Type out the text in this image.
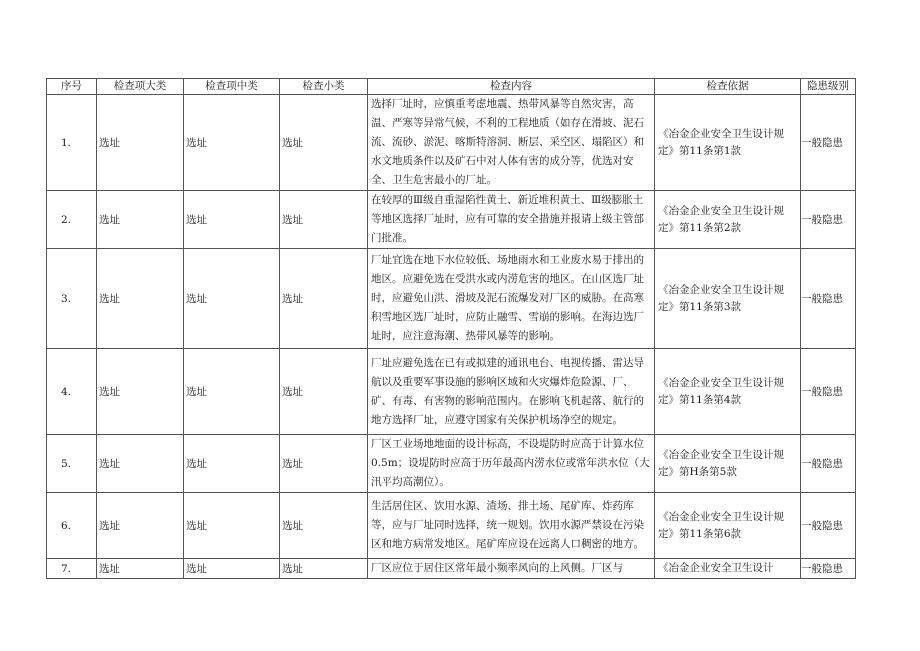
序号	检查项大类	检查项中类	检查小类	检查内容	检查依据	隐患级别
1.	选址	选址	选址	选择厂址时，应慎重考虑地震、热带风暴等自然灾害，高温、严寒等异常气候，不利的工程地质（如存在滑坡、泥石流、流砂、淤泥、喀斯特溶洞、断层、采空区、塌陷区）和水文地质条件以及矿石中对人体有害的成分等，优选对安全、卫生危害最小的厂址。	《冶金企业安全卫生设计规定》第11条第1款	一般隐患
2.	选址	选址	选址	在较厚的Ⅲ级自重湿陷性黄土、新近堆积黄土、Ⅲ级膨胀土等地区选择厂址时，应有可靠的安全措施并报请上级主管部门批准。	《冶金企业安全卫生设计规定》第11条第2款	一般隐患
3.	选址	选址	选址	厂址宜选在地下水位较低、场地雨水和工业废水易于排出的地区。应避免选在受洪水或内涝危害的地区。在山区选厂址时，应避免山洪、滑坡及泥石流爆发对厂区的威胁。在高寒积雪地区选厂址时，应防止融雪、雪崩的影响。在海边选厂址时，应注意海潮、热带风暴等的影响。	《冶金企业安全卫生设计规定》第11条第3款	一般隐患
4.	选址	选址	选址	厂址应避免选在已有或拟建的通讯电台、电视传播、雷达导航以及重要军事设施的影响区域和火灾爆炸危险源、厂、矿、有毒、有害物的影响范围内。在影响飞机起落、航行的地方选择厂址，应遵守国家有关保护机场净空的规定。	《冶金企业安全卫生设计规定》第11条第4款	一般隐患
5.	选址	选址	选址	厂区工业场地地面的设计标高，不设堤防时应高于计算水位0.5m；设堤防时应高于历年最高内涝水位或常年洪水位（大汛平均高潮位）。	《冶金企业安全卫生设计规定》第H条第5款	一般隐患
6.	选址	选址	选址	生活居住区、饮用水源、渣场、排土场、尾矿库、炸药库等，应与厂址同时选择，统一规划。饮用水源严禁设在污染区和地方病常发地区。尾矿库应设在远离人口稠密的地方。	《冶金企业安全卫生设计规定》第11条第6款	一般隐患
7.	选址	选址	选址	厂区应位于居住区常年最小频率风向的上风侧。厂区与	《冶金企业安全卫生设计	一般隐患
